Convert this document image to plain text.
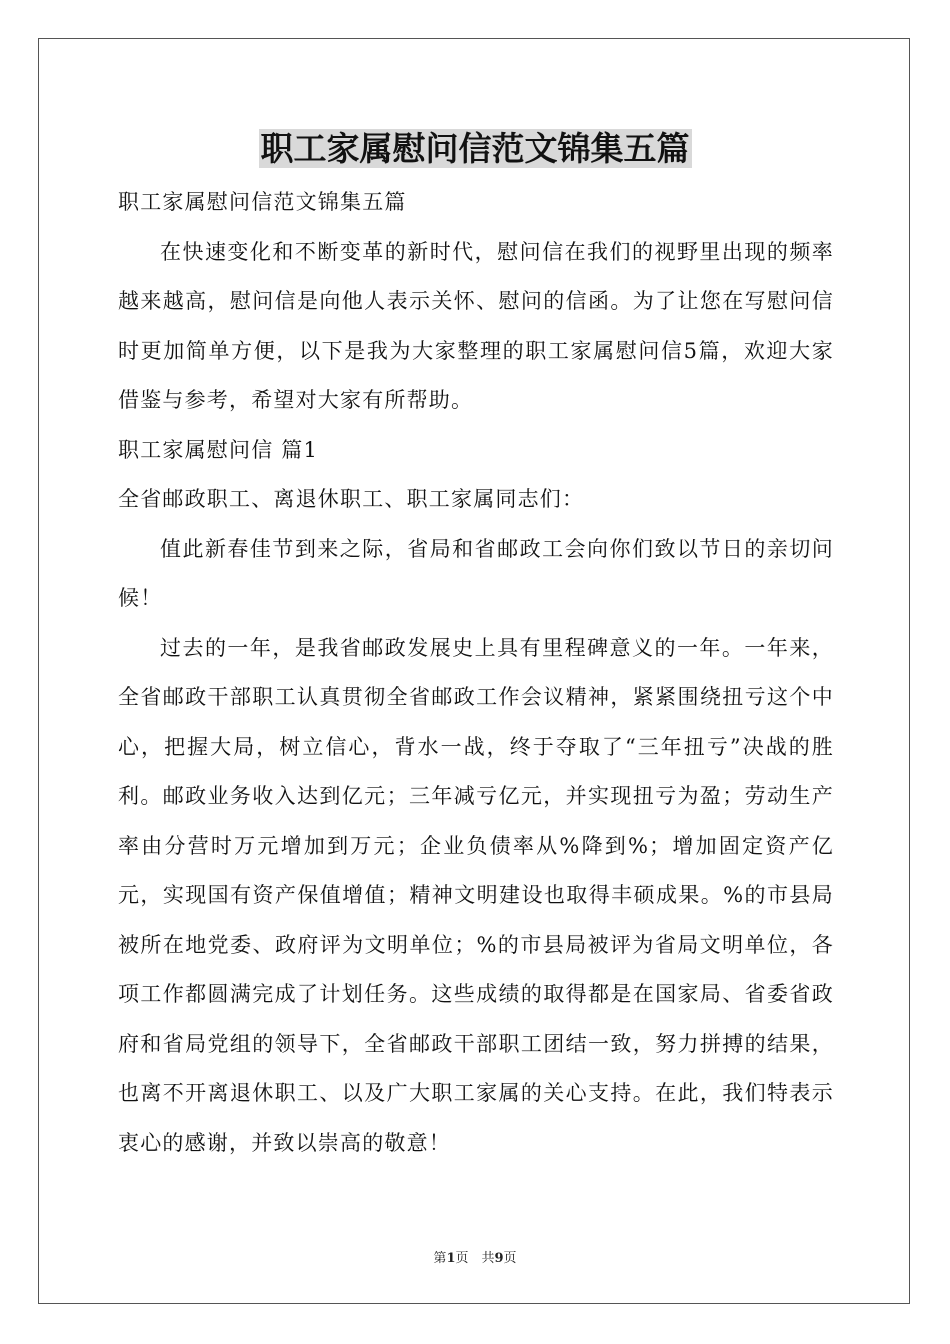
职工家属慰问信范文锦集五篇

职工家属慰问信范文锦集五篇

在快速变化和不断变革的新时代，慰问信在我们的视野里出现的频率越来越高，慰问信是向他人表示关怀、慰问的信函。为了让您在写慰问信时更加简单方便，以下是我为大家整理的职工家属慰问信5篇，欢迎大家借鉴与参考，希望对大家有所帮助。

职工家属慰问信 篇1

全省邮政职工、离退休职工、职工家属同志们：

值此新春佳节到来之际，省局和省邮政工会向你们致以节日的亲切问候！

过去的一年，是我省邮政发展史上具有里程碑意义的一年。一年来，全省邮政干部职工认真贯彻全省邮政工作会议精神，紧紧围绕扭亏这个中心，把握大局，树立信心，背水一战，终于夺取了“三年扭亏”决战的胜利。邮政业务收入达到亿元；三年减亏亿元，并实现扭亏为盈；劳动生产率由分营时万元增加到万元；企业负债率从%降到%；增加固定资产亿元，实现国有资产保值增值；精神文明建设也取得丰硕成果。%的市县局被所在地党委、政府评为文明单位；%的市县局被评为省局文明单位，各项工作都圆满完成了计划任务。这些成绩的取得都是在国家局、省委省政府和省局党组的领导下，全省邮政干部职工团结一致，努力拼搏的结果，也离不开离退休职工、以及广大职工家属的关心支持。在此，我们特表示衷心的感谢，并致以崇高的敬意！

第1页　共9页
